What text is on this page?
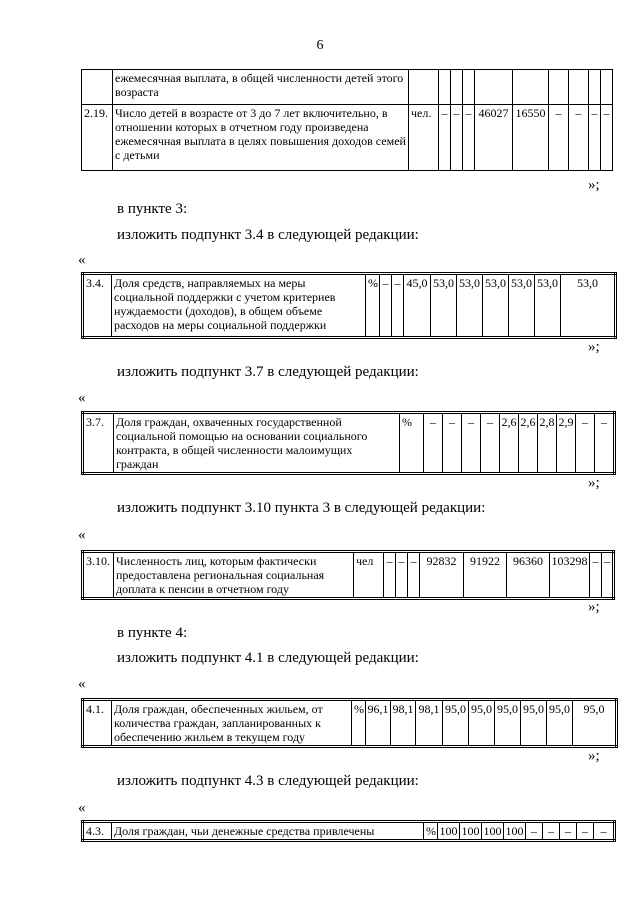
6
	ежемесячная выплата, в общей численности детей этого возраста										
2.19.	Число детей в возрасте от 3 до 7 лет включительно, в отношении которых в отчетном году произведена ежемесячная выплата в целях повышения доходов семей с детьми	чел.	–	–	–	46027	16550	–	–	–	–
»;
в пункте 3:
изложить подпункт 3.4 в следующей редакции:
«
3.4.	Доля средств, направляемых на меры социальной поддержки с учетом критериев нуждаемости (доходов), в общем объеме расходов на меры социальной поддержки	%	–	–	45,0	53,0	53,0	53,0	53,0	53,0	53,0
»;
изложить подпункт 3.7 в следующей редакции:
«
3.7.	Доля граждан, охваченных государственной социальной помощью на основании социального контракта, в общей численности малоимущих граждан	%	–	–	–	–	2,6	2,6	2,8	2,9	–	–
»;
изложить подпункт 3.10 пункта 3 в следующей редакции:
«
3.10.	Численность лиц, которым фактически предоставлена региональная социальная доплата к пенсии в отчетном году	чел	–	–	–	92832	91922	96360	103298	–	–
»;
в пункте 4:
изложить подпункт 4.1 в следующей редакции:
«
4.1.	Доля граждан, обеспеченных жильем, от количества граждан, запланированных к обеспечению жильем в текущем году	%	96,1	98,1	98,1	95,0	95,0	95,0	95,0	95,0	95,0
»;
изложить подпункт 4.3 в следующей редакции:
«
4.3.	Доля граждан, чьи денежные средства привлечены	%	100	100	100	100	–	–	–	–	–
